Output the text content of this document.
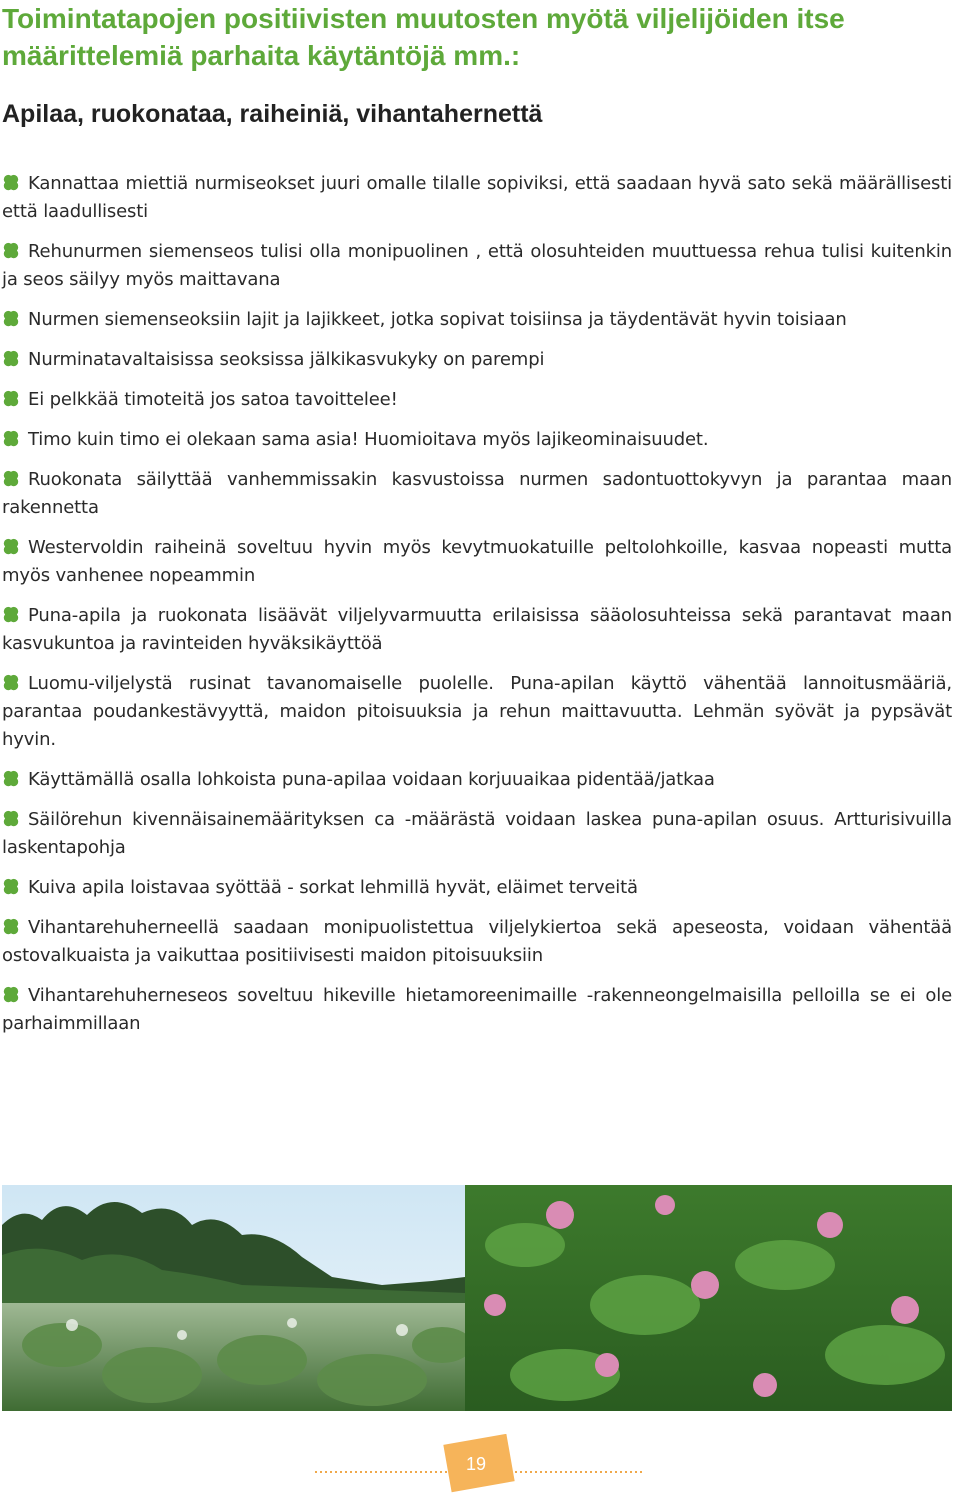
Toimintatapojen positiivisten muutosten myötä viljelijöiden itse määrittelemiä parhaita käytäntöjä mm.:
Apilaa, ruokonataa, raiheiniä, vihantahernettä
Kannattaa miettiä nurmiseokset juuri omalle tilalle sopiviksi, että saadaan hyvä sato sekä määrällisesti että laadullisesti
Rehunurmen siemenseos tulisi olla monipuolinen , että olosuhteiden muuttuessa rehua tulisi kuitenkin ja seos säilyy myös maittavana
Nurmen siemenseoksiin lajit ja lajikkeet, jotka sopivat toisiinsa ja täydentävät hyvin toisiaan
Nurminatavaltaisissa seoksissa jälkikasvukyky on parempi
Ei pelkkää timoteitä jos satoa tavoittelee!
Timo kuin timo ei olekaan sama asia! Huomioitava myös lajikeominaisuudet.
Ruokonata säilyttää vanhemmissakin kasvustoissa nurmen sadontuottokyvyn ja parantaa maan rakennetta
Westervoldin raiheinä soveltuu hyvin myös kevytmuokatuille peltolohkoille, kasvaa nopeasti mutta myös vanhenee nopeammin
Puna-apila ja ruokonata lisäävät viljelyvarmuutta erilaisissa sääolosuhteissa sekä parantavat maan kasvukuntoa ja ravinteiden hyväksikäyttöä
Luomu-viljelystä rusinat tavanomaiselle puolelle. Puna-apilan käyttö vähentää lannoitusmääriä, parantaa poudankestävyyttä, maidon pitoisuuksia ja rehun maittavuutta. Lehmän syövät ja pypsävät hyvin.
Käyttämällä osalla lohkoista puna-apilaa voidaan korjuuaikaa pidentää/jatkaa
Säilörehun kivennäisainemäärityksen ca -määrästä voidaan laskea puna-apilan osuus. Artturisivuilla laskentapohja
Kuiva apila loistavaa syöttää - sorkat lehmillä hyvät, eläimet terveitä
Vihantarehuherneellä saadaan monipuolistettua viljelykiertoa sekä apeseosta, voidaan vähentää ostovalkuaista ja vaikuttaa positiivisesti maidon pitoisuuksiin
Vihantarehuherneseos soveltuu hikeville hietamoreenimaille -rakenneongelmaisilla pelloilla se ei ole parhaimmillaan
19
